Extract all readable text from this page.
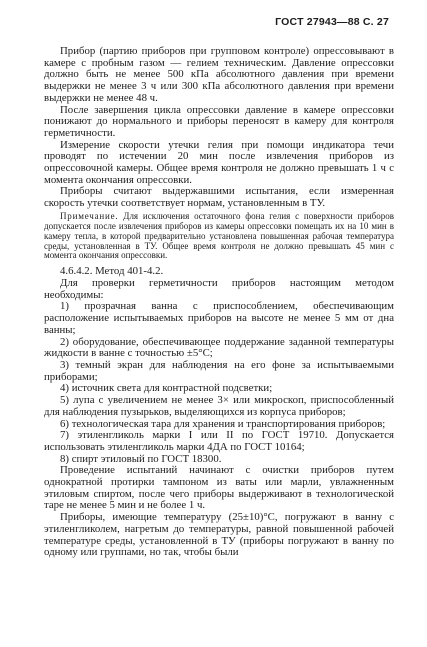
ГОСТ 27943—88 С. 27

Прибор (партию приборов при групповом контроле) опрессовывают в камере с пробным газом — гелием техническим. Давление опрессовки должно быть не менее 500 кПа абсолютного давления при времени выдержки не менее 3 ч или 300 кПа абсолютного давления при времени выдержки не менее 48 ч.

После завершения цикла опрессовки давление в камере опрессовки понижают до нормального и приборы переносят в камеру для контроля герметичности.

Измерение скорости утечки гелия при помощи индикатора течи проводят по истечении 20 мин после извлечения приборов из опрессовочной камеры. Общее время контроля не должно превышать 1 ч с момента окончания опрессовки.

Приборы считают выдержавшими испытания, если измеренная скорость утечки соответствует нормам, установленным в ТУ.

Примечание. Для исключения остаточного фона гелия с поверхности приборов допускается после извлечения приборов из камеры опрессовки помещать их на 10 мин в камеру тепла, в которой предварительно установлена повышенная рабочая температура среды, установленная в ТУ. Общее время контроля не должно превышать 45 мин с момента окончания опрессовки.

4.6.4.2. Метод 401-4.2.

Для проверки герметичности приборов настоящим методом необходимы:

1) прозрачная ванна с приспособлением, обеспечивающим расположение испытываемых приборов на высоте не менее 5 мм от дна ванны;

2) оборудование, обеспечивающее поддержание заданной температуры жидкости в ванне с точностью ±5°С;

3) темный экран для наблюдения на его фоне за испытываемыми приборами;

4) источник света для контрастной подсветки;

5) лупа с увеличением не менее 3× или микроскоп, приспособленный для наблюдения пузырьков, выделяющихся из корпуса приборов;

6) технологическая тара для хранения и транспортирования приборов;

7) этиленгликоль марки I или II по ГОСТ 19710. Допускается использовать этиленгликоль марки 4ДА по ГОСТ 10164;

8) спирт этиловый по ГОСТ 18300.

Проведение испытаний начинают с очистки приборов путем однократной протирки тампоном из ваты или марли, увлажненным этиловым спиртом, после чего приборы выдерживают в технологической таре не менее 5 мин и не более 1 ч.

Приборы, имеющие температуру (25±10)°С, погружают в ванну с этиленгликолем, нагретым до температуры, равной повышенной рабочей температуре среды, установленной в ТУ (приборы погружают в ванну по одному или группами, но так, чтобы были
